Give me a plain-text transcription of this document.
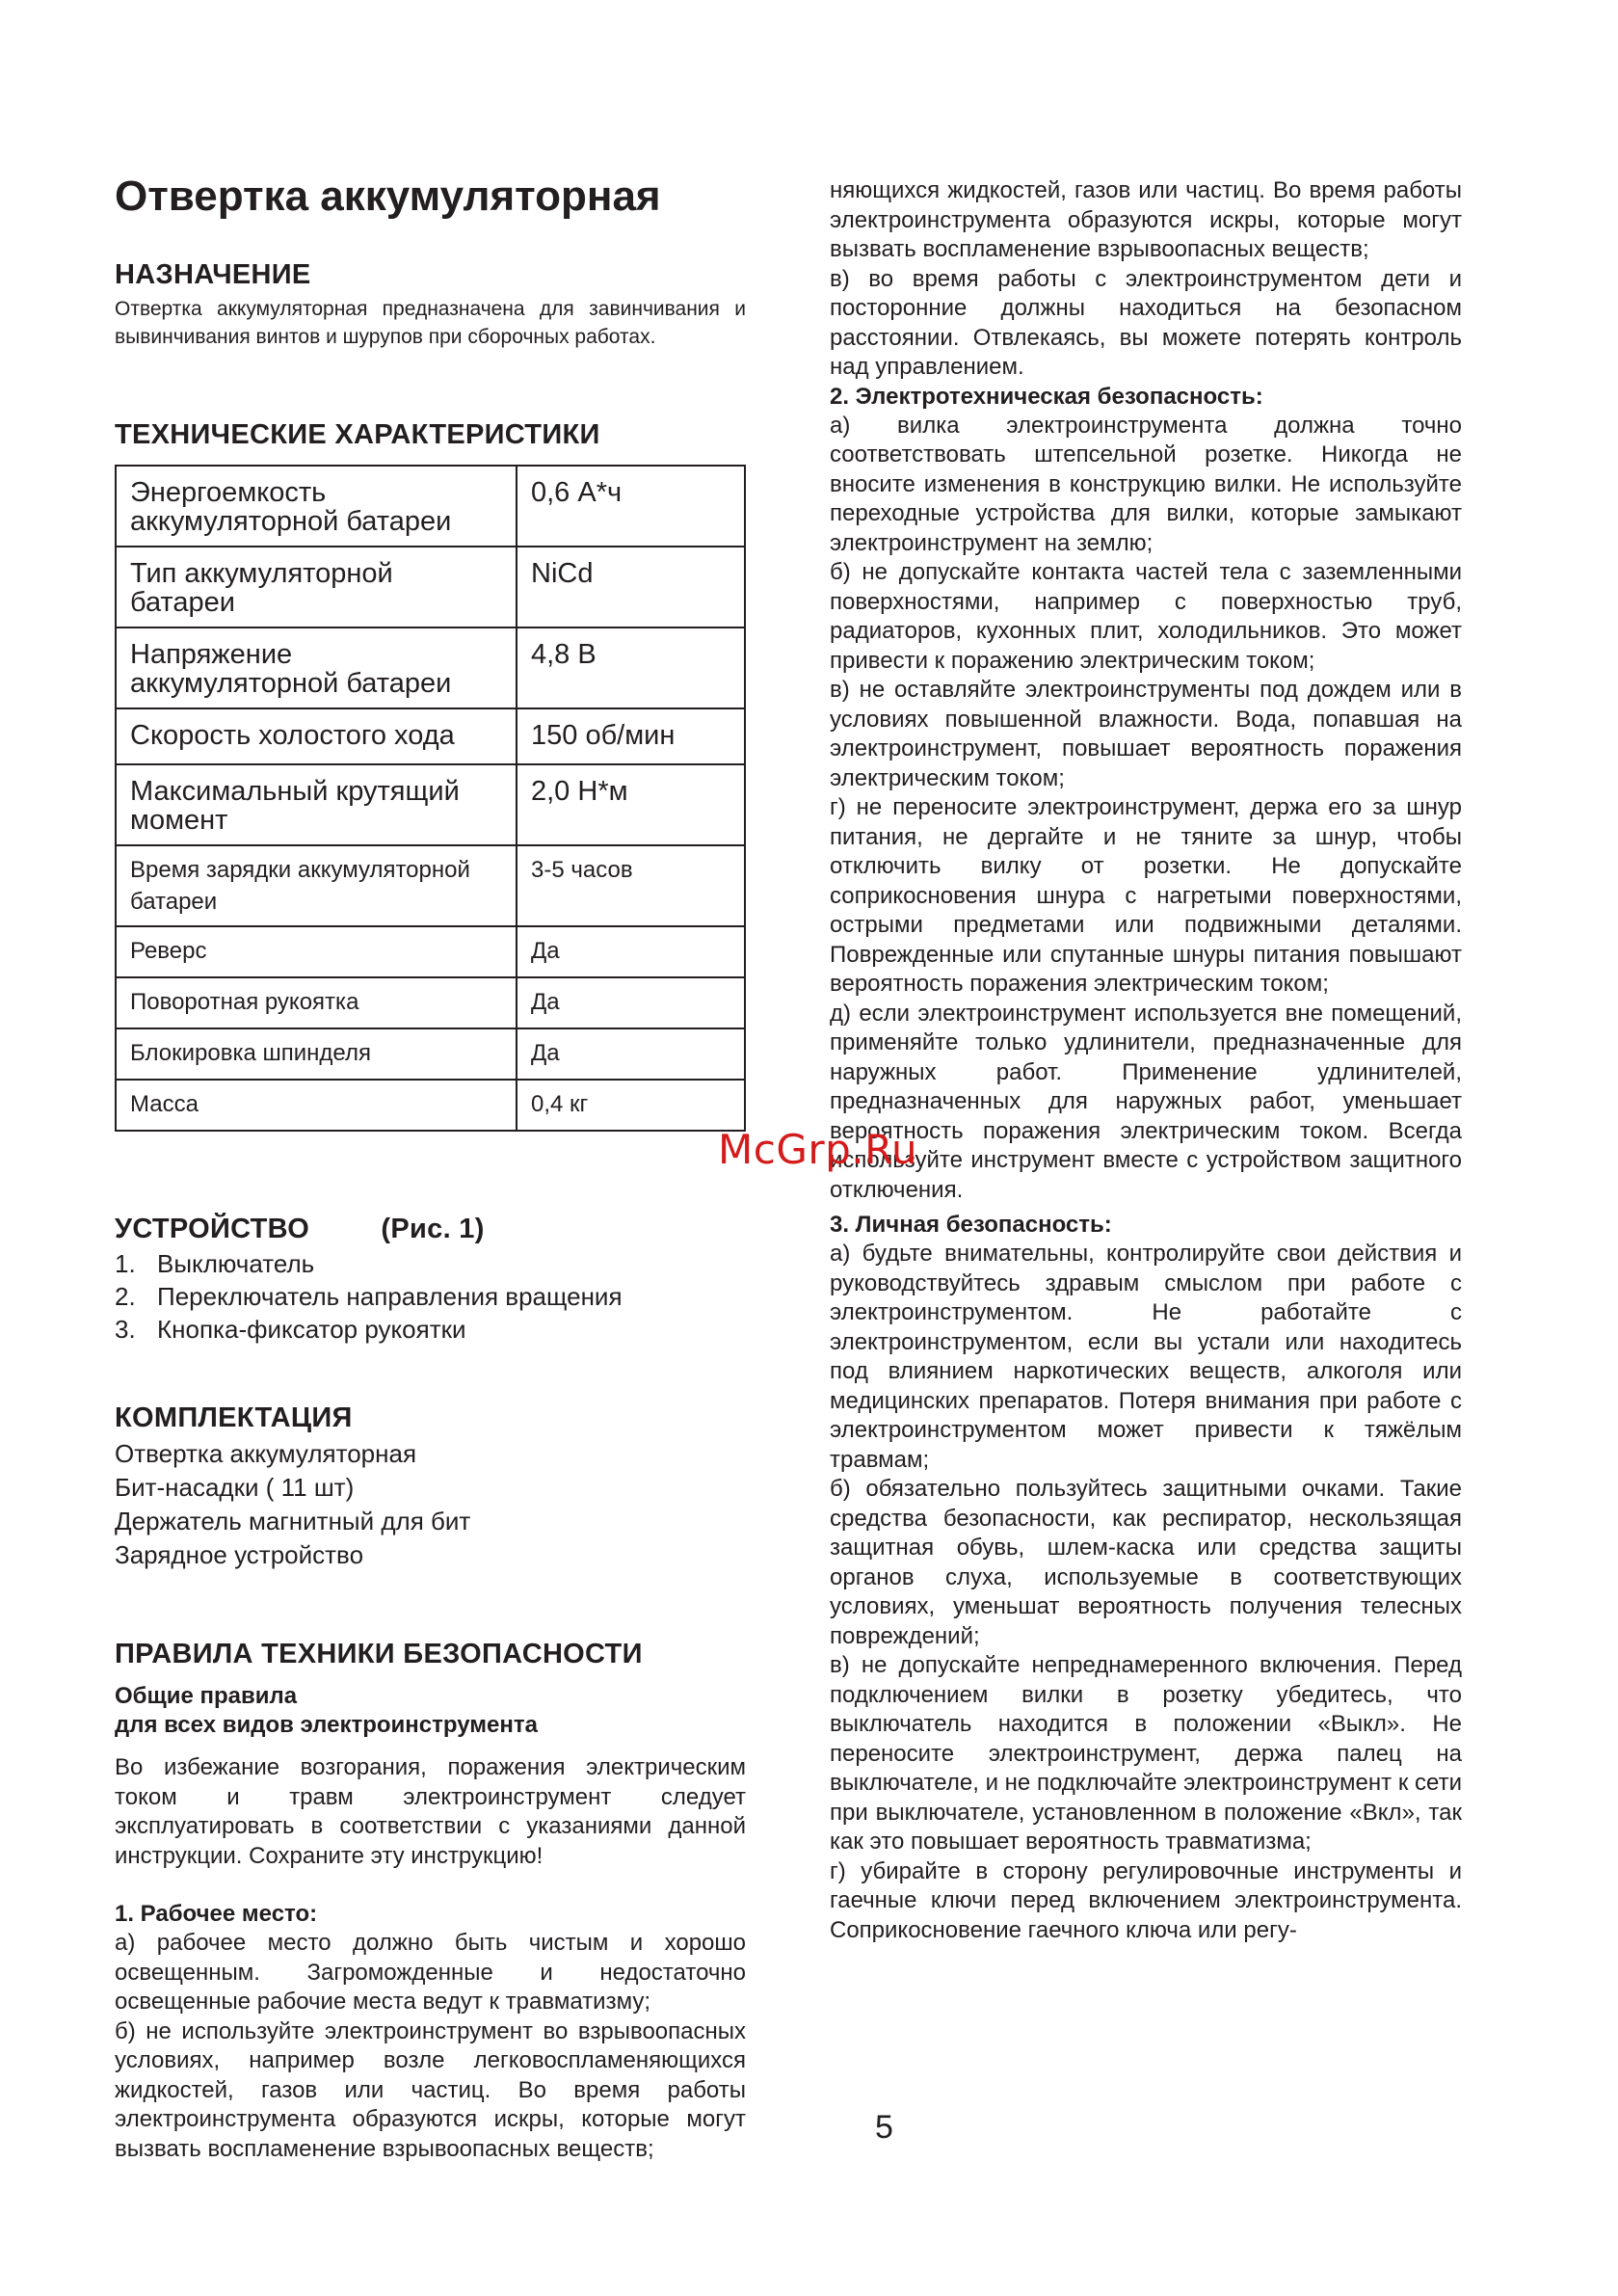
Отвертка аккумуляторная
НАЗНАЧЕНИЕ

Отвертка аккумуляторная предназначена для завинчивания и вывинчивания винтов и шурупов при сборочных работах.

ТЕХНИЧЕСКИЕ ХАРАКТЕРИСТИКИ
Энергоемкость аккумуляторной батареи	0,6 А*ч
Тип аккумуляторной батареи	NiCd
Напряжение аккумуляторной батареи	4,8 В
Скорость холостого хода	150 об/мин
Максимальный крутящий момент	2,0 Н*м
Время зарядки аккумуляторной батареи	3-5 часов
Реверс	Да
Поворотная рукоятка	Да
Блокировка шпинделя	Да
Масса	0,4 кг
УСТРОЙСТВО	(Рис. 1)
1. Выключатель
2. Переключатель направления вращения
3. Кнопка-фиксатор рукоятки
КОМПЛЕКТАЦИЯ
Отвертка аккумуляторная
Бит-насадки ( 11 шт)
Держатель магнитный для бит
Зарядное устройство
ПРАВИЛА ТЕХНИКИ БЕЗОПАСНОСТИ
Общие правила
для всех видов электроинструмента

Во избежание возгорания, поражения электрическим током и травм электроинструмент следует эксплуатировать в соответствии с указаниями данной инструкции. Сохраните эту инструкцию!

1. Рабочее место:

а) рабочее место должно быть чистым и хорошо освещенным. Загроможденные и недостаточно освещенные рабочие места ведут к травматизму;

б) не используйте электроинструмент во взрывоопасных условиях, например возле легковоспламеняющихся жидкостей, газов или частиц. Во время работы электроинструмента образуются искры, которые могут вызвать воспламенение взрывоопасных веществ;

няющихся жидкостей, газов или частиц. Во время работы электроинструмента образуются искры, которые могут вызвать воспламенение взрывоопасных веществ;

в) во время работы с электроинструментом дети и посторонние должны находиться на безопасном расстоянии. Отвлекаясь, вы можете потерять контроль над управлением.

2. Электротехническая безопасность:

а) вилка электроинструмента должна точно соответствовать штепсельной розетке. Никогда не вносите изменения в конструкцию вилки. Не используйте переходные устройства для вилки, которые замыкают электроинструмент на землю;

б) не допускайте контакта частей тела с заземленными поверхностями, например с поверхностью труб, радиаторов, кухонных плит, холодильников. Это может привести к поражению электрическим током;

в) не оставляйте электроинструменты под дождем или в условиях повышенной влажности. Вода, попавшая на электроинструмент, повышает вероятность поражения электрическим током;

г) не переносите электроинструмент, держа его за шнур питания, не дергайте и не тяните за шнур, чтобы отключить вилку от розетки. Не допускайте соприкосновения шнура с нагретыми поверхностями, острыми предметами или подвижными деталями. Поврежденные или спутанные шнуры питания повышают вероятность поражения электрическим током;

д) если электроинструмент используется вне помещений, применяйте только удлинители, предназначенные для наружных работ. Применение удлинителей, предназначенных для наружных работ, уменьшает вероятность поражения электрическим током. Всегда используйте инструмент вместе с устройством защитного отключения.

3. Личная безопасность:

а) будьте внимательны, контролируйте свои действия и руководствуйтесь здравым смыслом при работе с электроинструментом. Не работайте с электроинструментом, если вы устали или находитесь под влиянием наркотических веществ, алкоголя или медицинских препаратов. Потеря внимания при работе с электроинструментом может привести к тяжёлым травмам;

б) обязательно пользуйтесь защитными очками. Такие средства безопасности, как респиратор, нескользящая защитная обувь, шлем-каска или средства защиты органов слуха, используемые в соответствующих условиях, уменьшат вероятность получения телесных повреждений;

в) не допускайте непреднамеренного включения. Перед подключением вилки в розетку убедитесь, что выключатель находится в положении «Выкл». Не переносите электроинструмент, держа палец на выключателе, и не подключайте электроинструмент к сети при выключателе, установленном в положение «Вкл», так как это повышает вероятность травматизма;

г) убирайте в сторону регулировочные инструменты и гаечные ключи перед включением электроинструмента. Соприкосновение гаечного ключа или регу-

McGrp.Ru
5
